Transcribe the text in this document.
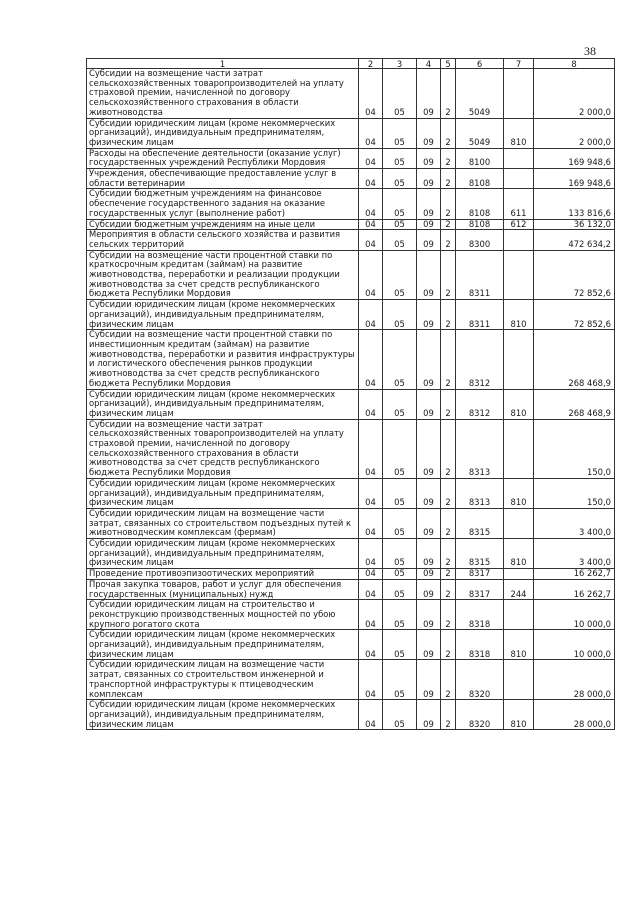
38
1	2	3	4	5	6	7	8
Субсидии на возмещение части затрат сельскохозяйственных товаропроизводителей на уплату страховой премии, начисленной по договору сельскохозяйственного страхования в области животноводства	04	05	09	2	5049		2 000,0
Субсидии юридическим лицам (кроме некоммерческих организаций), индивидуальным предпринимателям, физическим лицам	04	05	09	2	5049	810	2 000,0
Расходы на обеспечение деятельности (оказание услуг) государственных учреждений Республики Мордовия	04	05	09	2	8100		169 948,6
Учреждения, обеспечивающие предоставление услуг в области ветеринарии	04	05	09	2	8108		169 948,6
Субсидии бюджетным учреждениям на финансовое обеспечение государственного задания на оказание государственных услуг (выполнение работ)	04	05	09	2	8108	611	133 816,6
Субсидии бюджетным учреждениям на иные цели	04	05	09	2	8108	612	36 132,0
Мероприятия в области сельского хозяйства и развития сельских территорий	04	05	09	2	8300		472 634,2
Субсидии на возмещение части процентной ставки по краткосрочным кредитам (займам) на развитие животноводства, переработки и реализации продукции животноводства за счет средств республиканского бюджета Республики Мордовия	04	05	09	2	8311		72 852,6
Субсидии юридическим лицам (кроме некоммерческих организаций), индивидуальным предпринимателям, физическим лицам	04	05	09	2	8311	810	72 852,6
Субсидии на возмещение части процентной ставки по инвестиционным кредитам (займам) на развитие животноводства, переработки и развития инфраструктуры и логистического обеспечения рынков продукции животноводства за счет средств республиканского бюджета Республики Мордовия	04	05	09	2	8312		268 468,9
Субсидии юридическим лицам (кроме некоммерческих организаций), индивидуальным предпринимателям, физическим лицам	04	05	09	2	8312	810	268 468,9
Субсидии на возмещение части затрат сельскохозяйственных товаропроизводителей на уплату страховой премии, начисленной по договору сельскохозяйственного страхования в области животноводства за счет средств республиканского бюджета Республики Мордовия	04	05	09	2	8313		150,0
Субсидии юридическим лицам (кроме некоммерческих организаций), индивидуальным предпринимателям, физическим лицам	04	05	09	2	8313	810	150,0
Субсидии юридическим лицам на возмещение части затрат, связанных со строительством подъездных путей к животноводческим комплексам (фермам)	04	05	09	2	8315		3 400,0
Субсидии юридическим лицам (кроме некоммерческих организаций), индивидуальным предпринимателям, физическим лицам	04	05	09	2	8315	810	3 400,0
Проведение противоэпизоотических мероприятий	04	05	09	2	8317		16 262,7
Прочая закупка товаров, работ и услуг для обеспечения государственных (муниципальных) нужд	04	05	09	2	8317	244	16 262,7
Субсидии юридическим лицам на строительство и реконструкцию производственных мощностей по убою крупного рогатого скота	04	05	09	2	8318		10 000,0
Субсидии юридическим лицам (кроме некоммерческих организаций), индивидуальным предпринимателям, физическим лицам	04	05	09	2	8318	810	10 000,0
Субсидии юридическим лицам на возмещение части затрат, связанных со строительством инженерной и транспортной инфраструктуры к птицеводческим комплексам	04	05	09	2	8320		28 000,0
Субсидии юридическим лицам (кроме некоммерческих организаций), индивидуальным предпринимателям, физическим лицам	04	05	09	2	8320	810	28 000,0
